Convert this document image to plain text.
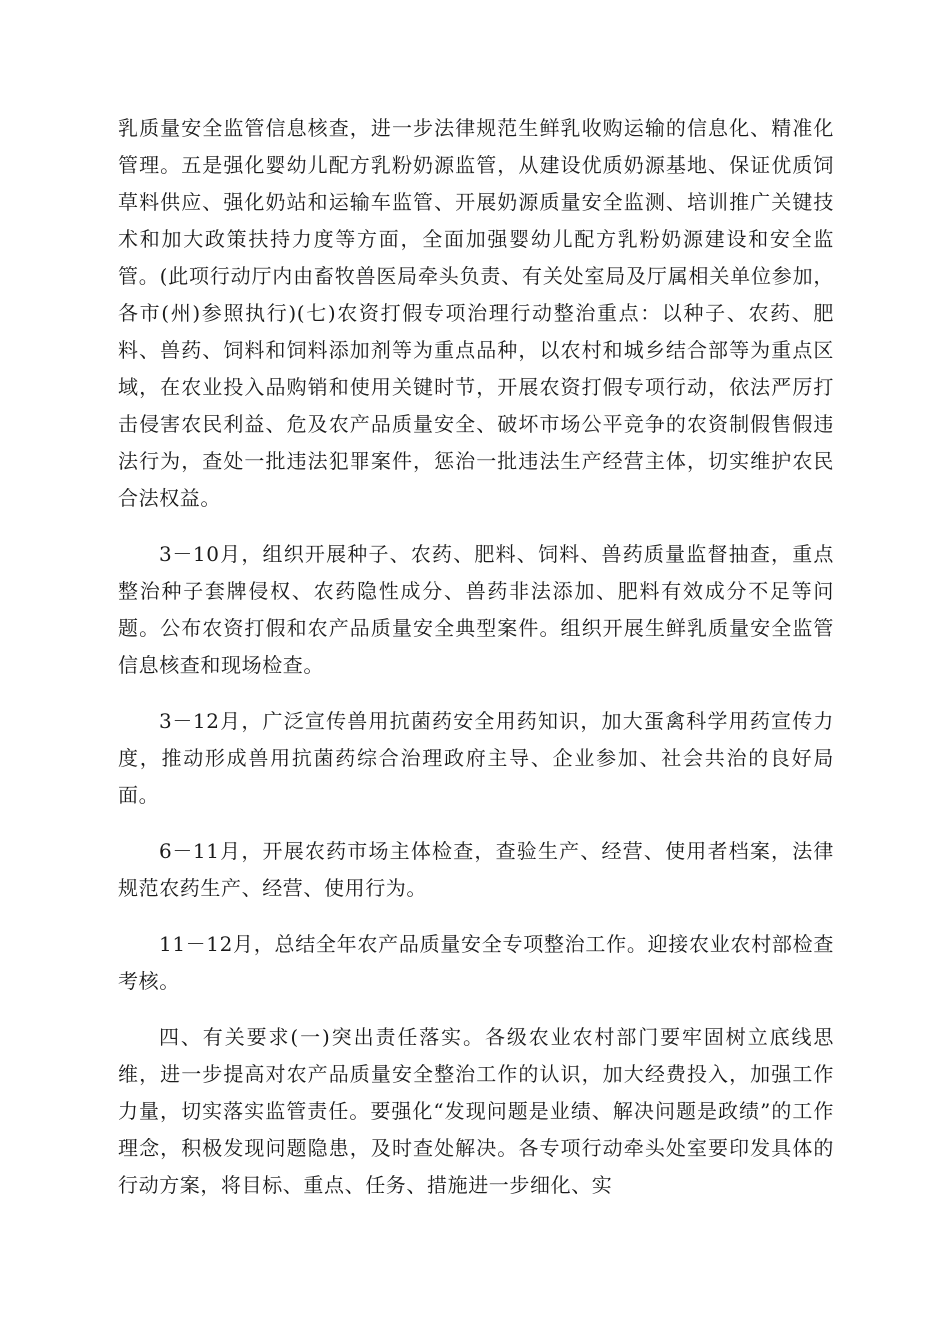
乳质量安全监管信息核查，进一步法律规范生鲜乳收购运输的信息化、精准化管理。五是强化婴幼儿配方乳粉奶源监管，从建设优质奶源基地、保证优质饲草料供应、强化奶站和运输车监管、开展奶源质量安全监测、培训推广关键技术和加大政策扶持力度等方面，全面加强婴幼儿配方乳粉奶源建设和安全监管。(此项行动厅内由畜牧兽医局牵头负责、有关处室局及厅属相关单位参加，各市(州)参照执行)(七)农资打假专项治理行动整治重点：以种子、农药、肥料、兽药、饲料和饲料添加剂等为重点品种，以农村和城乡结合部等为重点区域，在农业投入品购销和使用关键时节，开展农资打假专项行动，依法严厉打击侵害农民利益、危及农产品质量安全、破坏市场公平竞争的农资制假售假违法行为，查处一批违法犯罪案件，惩治一批违法生产经营主体，切实维护农民合法权益。

3－10月，组织开展种子、农药、肥料、饲料、兽药质量监督抽查，重点整治种子套牌侵权、农药隐性成分、兽药非法添加、肥料有效成分不足等问题。公布农资打假和农产品质量安全典型案件。组织开展生鲜乳质量安全监管信息核查和现场检查。

3－12月，广泛宣传兽用抗菌药安全用药知识，加大蛋禽科学用药宣传力度，推动形成兽用抗菌药综合治理政府主导、企业参加、社会共治的良好局面。

6－11月，开展农药市场主体检查，查验生产、经营、使用者档案，法律规范农药生产、经营、使用行为。

11－12月，总结全年农产品质量安全专项整治工作。迎接农业农村部检查考核。

四、有关要求(一)突出责任落实。各级农业农村部门要牢固树立底线思维，进一步提高对农产品质量安全整治工作的认识，加大经费投入，加强工作力量，切实落实监管责任。要强化“发现问题是业绩、解决问题是政绩”的工作理念，积极发现问题隐患，及时查处解决。各专项行动牵头处室要印发具体的行动方案，将目标、重点、任务、措施进一步细化、实
